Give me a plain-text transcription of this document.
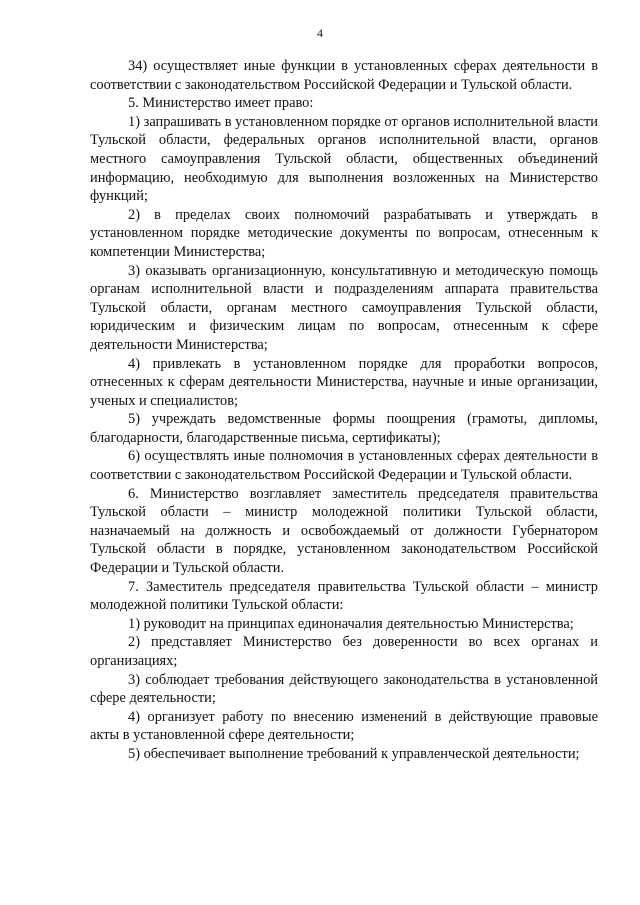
4

34) осуществляет иные функции в установленных сферах деятельности в соответствии с законодательством Российской Федерации и Тульской области.

5. Министерство имеет право:

1) запрашивать в установленном порядке от органов исполнительной власти Тульской области, федеральных органов исполнительной власти, органов местного самоуправления Тульской области, общественных объединений информацию, необходимую для выполнения возложенных на Министерство функций;

2) в пределах своих полномочий разрабатывать и утверждать в установленном порядке методические документы по вопросам, отнесенным к компетенции Министерства;

3) оказывать организационную, консультативную и методическую помощь органам исполнительной власти и подразделениям аппарата правительства Тульской области, органам местного самоуправления Тульской области, юридическим и физическим лицам по вопросам, отнесенным к сфере деятельности Министерства;

4) привлекать в установленном порядке для проработки вопросов, отнесенных к сферам деятельности Министерства, научные и иные организации, ученых и специалистов;

5) учреждать ведомственные формы поощрения (грамоты, дипломы, благодарности, благодарственные письма, сертификаты);

6) осуществлять иные полномочия в установленных сферах деятельности в соответствии с законодательством Российской Федерации и Тульской области.

6. Министерство возглавляет заместитель председателя правительства Тульской области – министр молодежной политики Тульской области, назначаемый на должность и освобождаемый от должности Губернатором Тульской области в порядке, установленном законодательством Российской Федерации и Тульской области.

7. Заместитель председателя правительства Тульской области – министр молодежной политики Тульской области:

1) руководит на принципах единоначалия деятельностью Министерства;

2) представляет Министерство без доверенности во всех органах и организациях;

3) соблюдает требования действующего законодательства в установленной сфере деятельности;

4) организует работу по внесению изменений в действующие правовые акты в установленной сфере деятельности;

5) обеспечивает выполнение требований к управленческой деятельности;
